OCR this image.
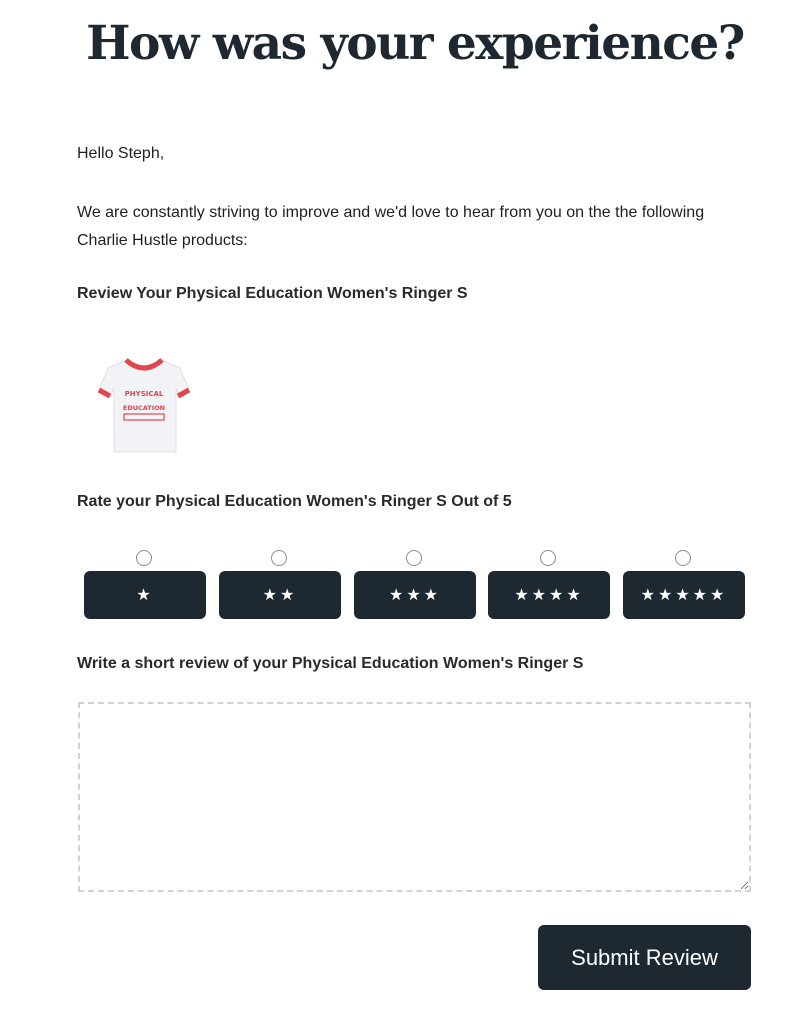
How was your experience?
Hello Steph,
We are constantly striving to improve and we'd love to hear from you on the the following Charlie Hustle products:
Review Your Physical Education Women's Ringer S
PHYSICAL
EDUCATION
Rate your Physical Education Women's Ringer S Out of 5
★	★★	★★★	★★★★	★★★★★
Write a short review of your Physical Education Women's Ringer S
Submit Review
